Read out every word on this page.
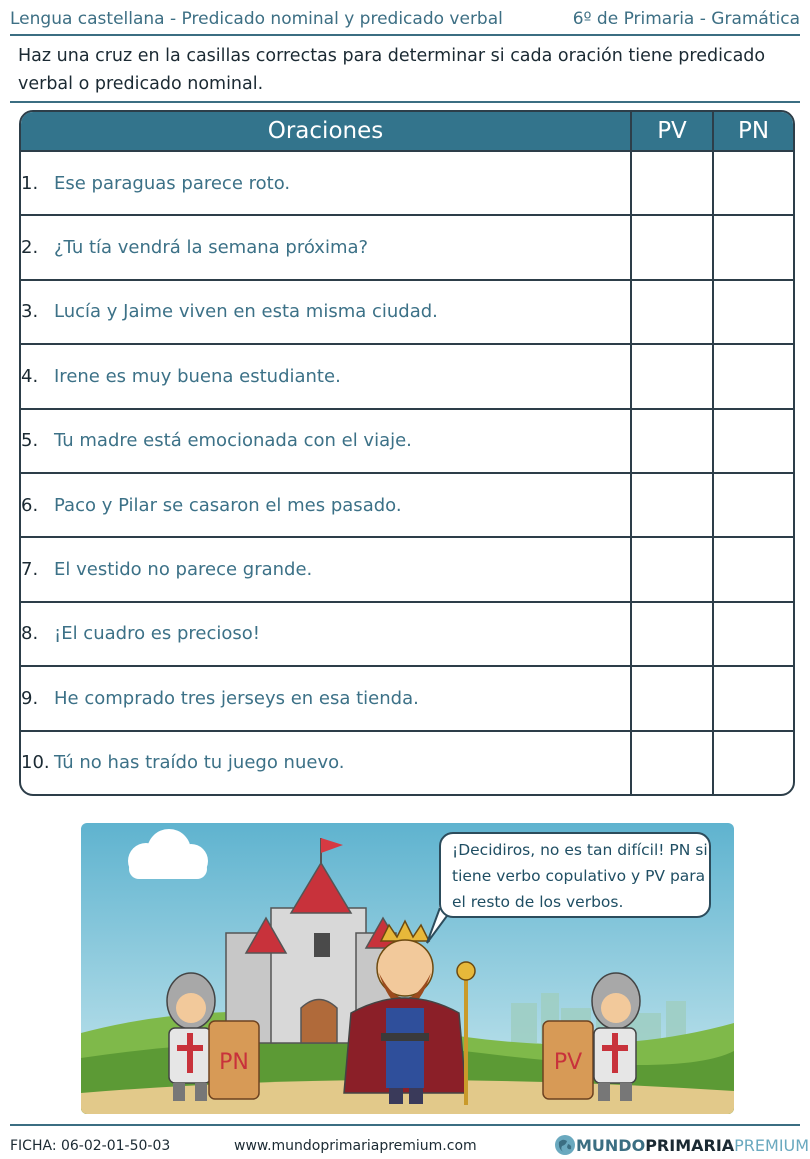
Lengua castellana - Predicado nominal y predicado verbal	6º de Primaria - Gramática
Haz una cruz en la casillas correctas para determinar si cada oración tiene predicado verbal o predicado nominal.
Oraciones	PV	PN
1. Ese paraguas parece roto.		
2. ¿Tu tía vendrá la semana próxima?		
3. Lucía y Jaime viven en esta misma ciudad.		
4. Irene es muy buena estudiante.		
5. Tu madre está emocionada con el viaje.		
6. Paco y Pilar se casaron el mes pasado.		
7. El vestido no parece grande.		
8. ¡El cuadro es precioso!		
9. He comprado tres jerseys en esa tienda.		
10. Tú no has traído tu juego nuevo.		
PN	PV
¡Decidiros, no es tan difícil! PN si tiene verbo copulativo y PV para el resto de los verbos.
FICHA: 06-02-01-50-03	www.mundoprimariapremium.com	MUNDO PRIMARIA PREMIUM
